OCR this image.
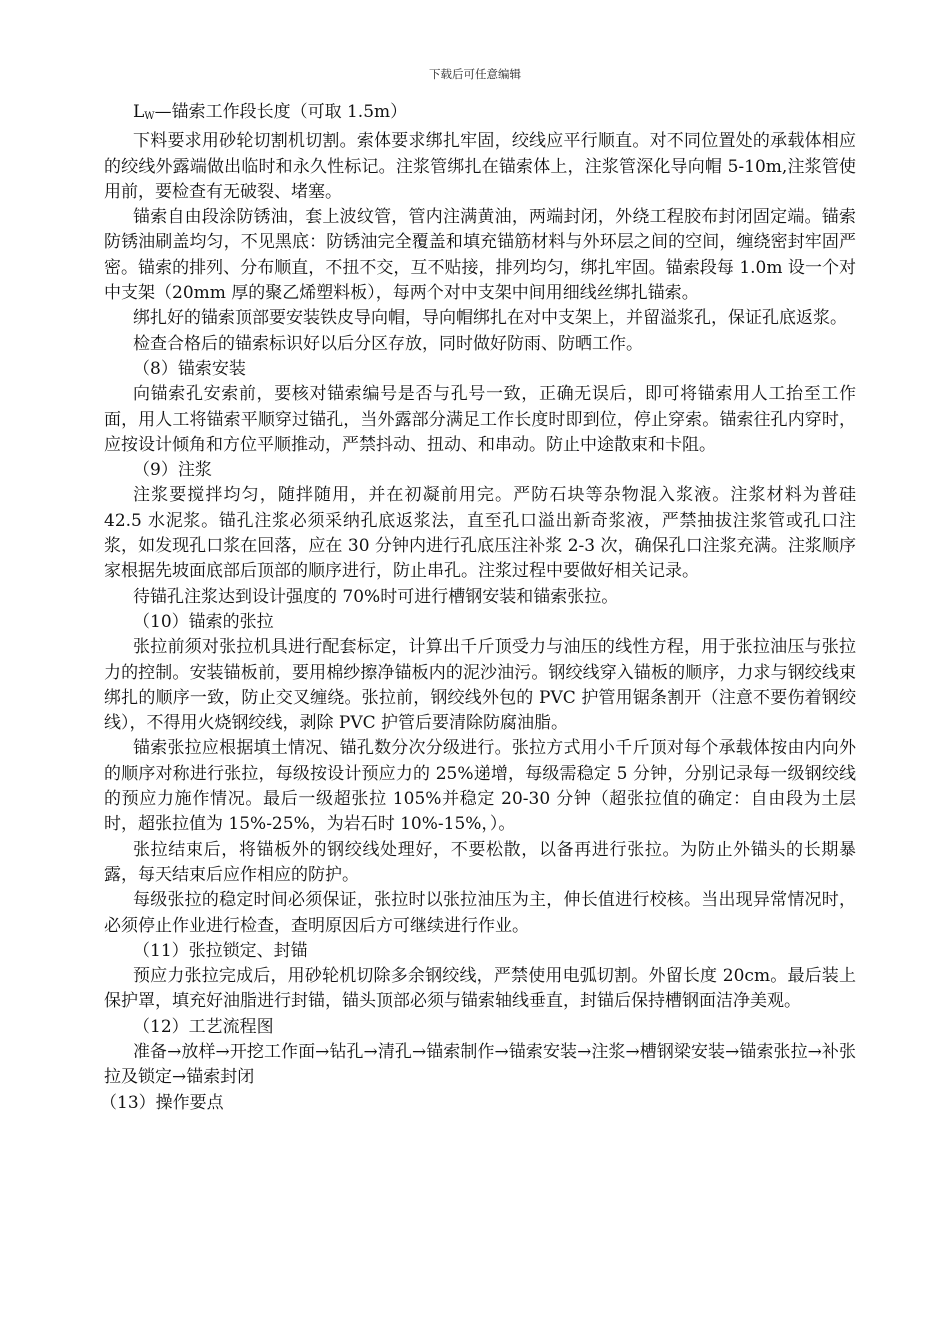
下载后可任意编辑

$L_W—$锚索工作段长度（可取 1.5m）

下料要求用砂轮切割机切割。索体要求绑扎牢固，绞线应平行顺直。对不同位置处的承载体相应的绞线外露端做出临时和永久性标记。注浆管绑扎在锚索体上，注浆管深化导向帽 5-10m,注浆管使用前，要检查有无破裂、堵塞。

锚索自由段涂防锈油，套上波纹管，管内注满黄油，两端封闭，外绕工程胶布封闭固定端。锚索防锈油刷盖均匀，不见黑底：防锈油完全覆盖和填充锚筋材料与外环层之间的空间，缠绕密封牢固严密。锚索的排列、分布顺直，不扭不交，互不贴接，排列均匀，绑扎牢固。锚索段每 1.0m 设一个对中支架（20mm 厚的聚乙烯塑料板），每两个对中支架中间用细线丝绑扎锚索。

绑扎好的锚索顶部要安装铁皮导向帽，导向帽绑扎在对中支架上，并留溢浆孔，保证孔底返浆。

检查合格后的锚索标识好以后分区存放，同时做好防雨、防晒工作。

（8）锚索安装

向锚索孔安索前，要核对锚索编号是否与孔号一致，正确无误后，即可将锚索用人工抬至工作面，用人工将锚索平顺穿过锚孔，当外露部分满足工作长度时即到位，停止穿索。锚索往孔内穿时，应按设计倾角和方位平顺推动，严禁抖动、扭动、和串动。防止中途散束和卡阻。

（9）注浆

注浆要搅拌均匀，随拌随用，并在初凝前用完。严防石块等杂物混入浆液。注浆材料为普硅 42.5 水泥浆。锚孔注浆必须采纳孔底返浆法，直至孔口溢出新奇浆液，严禁抽拔注浆管或孔口注浆，如发现孔口浆在回落，应在 30 分钟内进行孔底压注补浆 2-3 次，确保孔口注浆充满。注浆顺序家根据先坡面底部后顶部的顺序进行，防止串孔。注浆过程中要做好相关记录。

待锚孔注浆达到设计强度的 70%时可进行槽钢安装和锚索张拉。

（10）锚索的张拉

张拉前须对张拉机具进行配套标定，计算出千斤顶受力与油压的线性方程，用于张拉油压与张拉力的控制。安装锚板前，要用棉纱擦净锚板内的泥沙油污。钢绞线穿入锚板的顺序，力求与钢绞线束绑扎的顺序一致，防止交叉缠绕。张拉前，钢绞线外包的 PVC 护管用锯条割开（注意不要伤着钢绞线），不得用火烧钢绞线，剥除 PVC 护管后要清除防腐油脂。

锚索张拉应根据填土情况、锚孔数分次分级进行。张拉方式用小千斤顶对每个承载体按由内向外的顺序对称进行张拉，每级按设计预应力的 25%递增，每级需稳定 5 分钟，分别记录每一级钢绞线的预应力施作情况。最后一级超张拉 105%并稳定 20-30 分钟（超张拉值的确定：自由段为土层时，超张拉值为 15%-25%，为岩石时 10%-15%，）。

张拉结束后，将锚板外的钢绞线处理好，不要松散，以备再进行张拉。为防止外锚头的长期暴露，每天结束后应作相应的防护。

每级张拉的稳定时间必须保证，张拉时以张拉油压为主，伸长值进行校核。当出现异常情况时，必须停止作业进行检查，查明原因后方可继续进行作业。

（11）张拉锁定、封锚

预应力张拉完成后，用砂轮机切除多余钢绞线，严禁使用电弧切割。外留长度 20cm。最后装上保护罩，填充好油脂进行封锚，锚头顶部必须与锚索轴线垂直，封锚后保持槽钢面洁净美观。

（12）工艺流程图

准备→放样→开挖工作面→钻孔→清孔→锚索制作→锚索安装→注浆→槽钢梁安装→锚索张拉→补张拉及锁定→锚索封闭

（13）操作要点
